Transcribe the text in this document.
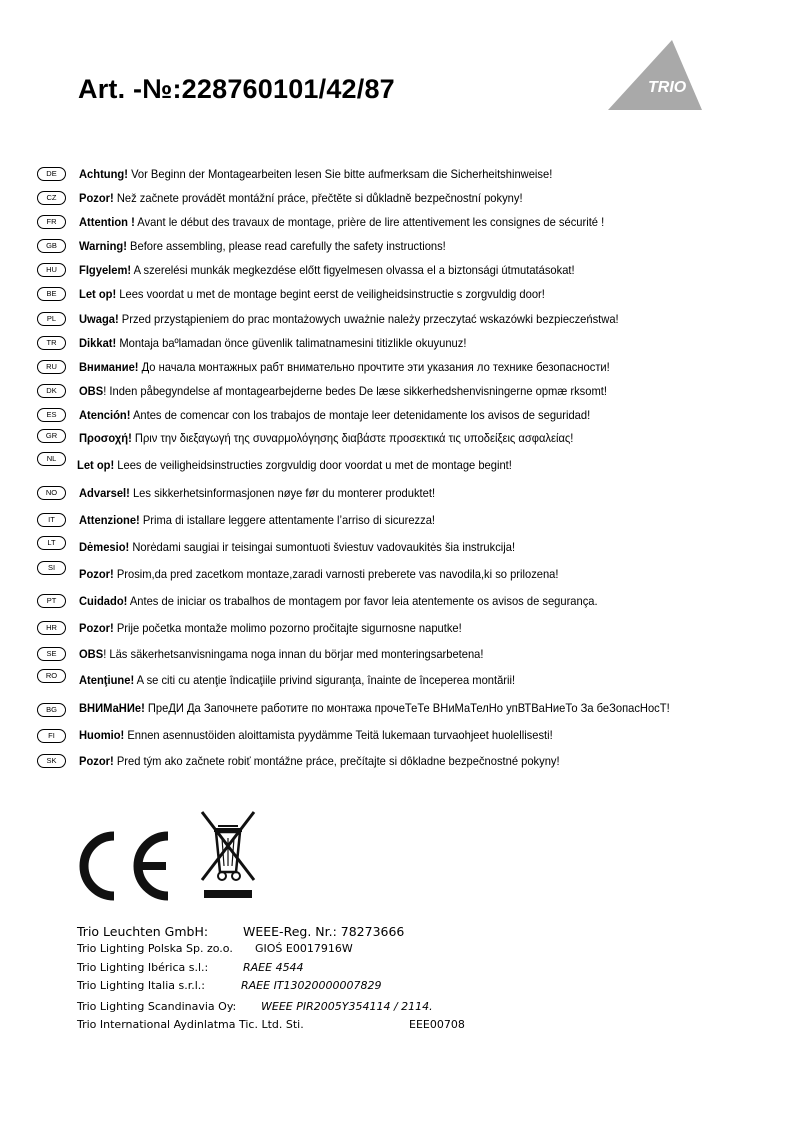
Art. -№:228760101/42/87	TRIO
DE	Achtung! Vor Beginn der Montagearbeiten lesen Sie bitte aufmerksam die Sicherheitshinweise!
CZ	Pozor! Než začnete provádět montážní práce, přečtěte si důkladně bezpečnostní pokyny!
FR	Attention ! Avant le début des travaux de montage, prière de lire attentivement les consignes de sécurité !
GB	Warning! Before assembling, please read carefully the safety instructions!
HU	FIgyelem! A szerelési munkák megkezdése előtt figyelmesen olvassa el a biztonsági útmutatásokat!
BE	Let op! Lees voordat u met de montage begint eerst de veiligheidsinstructie s zorgvuldig door!
PL	Uwaga! Przed przystąpieniem do prac montażowych uważnie należy przeczytać wskazówki bezpieczeństwa!
TR	Dikkat! Montaja baºlamadan önce güvenlik talimatnamesini titizlikle okuyunuz!
RU	Внимание! До начала монтажных рабт внимательно прочтите эти указания ло технике безопасности!
DK	OBS! Inden påbegyndelse af montagearbejderne bedes De læse sikkerhedshenvisningerne opmæ rksomt!
ES	Atención! Antes de comencar con los trabajos de montaje leer detenidamente los avisos de seguridad!
GR	Προσοχή! Πριν την διεξαγωγή της συναρμολόγησης διαβάστε προσεκτικά τις υποδείξεις ασφαλείας!
NL	Let op! Lees de veiligheidsinstructies zorgvuldig door voordat u met de montage begint!
NO	Advarsel! Les sikkerhetsinformasjonen nøye før du monterer produktet!
IT	Attenzione! Prima di istallare leggere attentamente l’arriso di sicurezza!
LT	Dėmesio! Norėdami saugiai ir teisingai sumontuoti šviestuv vadovaukitės šia instrukcija!
SI	Pozor! Prosim,da pred zacetkom montaze,zaradi varnosti preberete vas navodila,ki so prilozena!
PT	Cuidado! Antes de iniciar os trabalhos de montagem por favor leia atentemente os avisos de segurança.
HR	Pozor! Prije početka montaže molimo pozorno pročitajte sigurnosne naputke!
SE	OBS! Läs säkerhetsanvisningama noga innan du börjar med monteringsarbetena!
RO	Atenţiune! A se citi cu atenţie îndicaţiile privind siguranţa, înainte de începerea montării!
BG	ВНИМаНИе! ПреДИ Да Започнете работите по монтажа прочеТеТе ВНиМаТелНо упВТВаНиеТо За беЗопасНосТ!
FI	Huomio! Ennen asennustöiden aloittamista pyydämme Teitä lukemaan turvaohjeet huolellisesti!
SK	Pozor! Pred tým ako začnete robiť montážne práce, prečítajte si dôkladne bezpečnostné pokyny!
Trio Leuchten GmbH:	WEEE-Reg. Nr.: 78273666
Trio Lighting Polska Sp. zo.o. GIOŚ E0017916W
Trio Lighting Ibérica s.l.:	RAEE 4544
Trio Lighting Italia s.r.l.:	RAEE IT13020000007829
Trio Lighting Scandinavia Oy: WEEE PIR2005Y354114 / 2114.
Trio International Aydinlatma Tic. Ltd. Sti.	EEE00708
